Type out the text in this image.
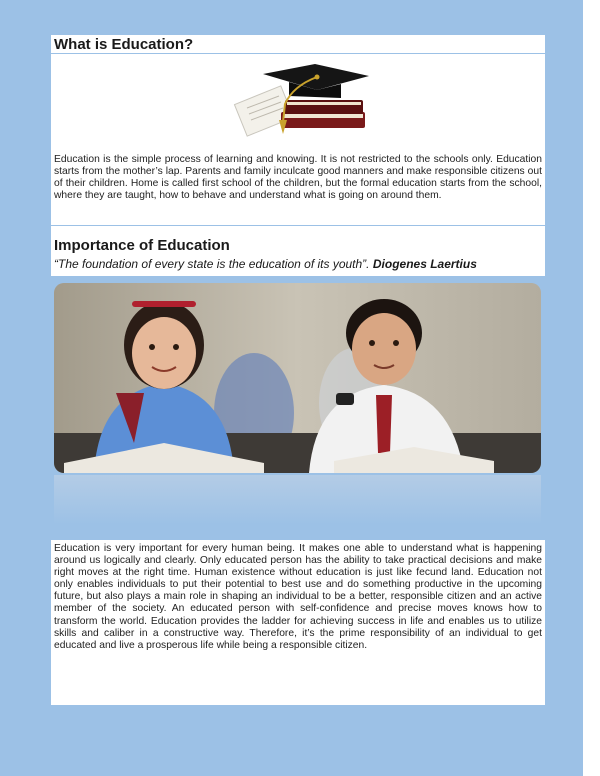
What is Education?

Education is the simple process of learning and knowing. It is not restricted to the schools only. Education starts from the mother’s lap. Parents and family inculcate good manners and make responsible citizens out of their children. Home is called first school of the children, but the formal education starts from the school, where they are taught, how to behave and understand what is going on around them.

Importance of Education
“The foundation of every state is the education of its youth”. Diogenes Laertius

Education is very important for every human being. It makes one able to understand what is happening around us logically and clearly. Only educated person has the ability to take practical decisions and make right moves at the right time. Human existence without education is just like fecund land. Education not only enables individuals to put their potential to best use and do something productive in the upcoming future, but also plays a main role in shaping an individual to be a better, responsible citizen and an active member of the society. An educated person with self-confidence and precise moves knows how to transform the world. Education provides the ladder for achieving success in life and enables us to utilize skills and caliber in a constructive way. Therefore, it’s the prime responsibility of an individual to get educated and live a prosperous life while being a responsible citizen.
